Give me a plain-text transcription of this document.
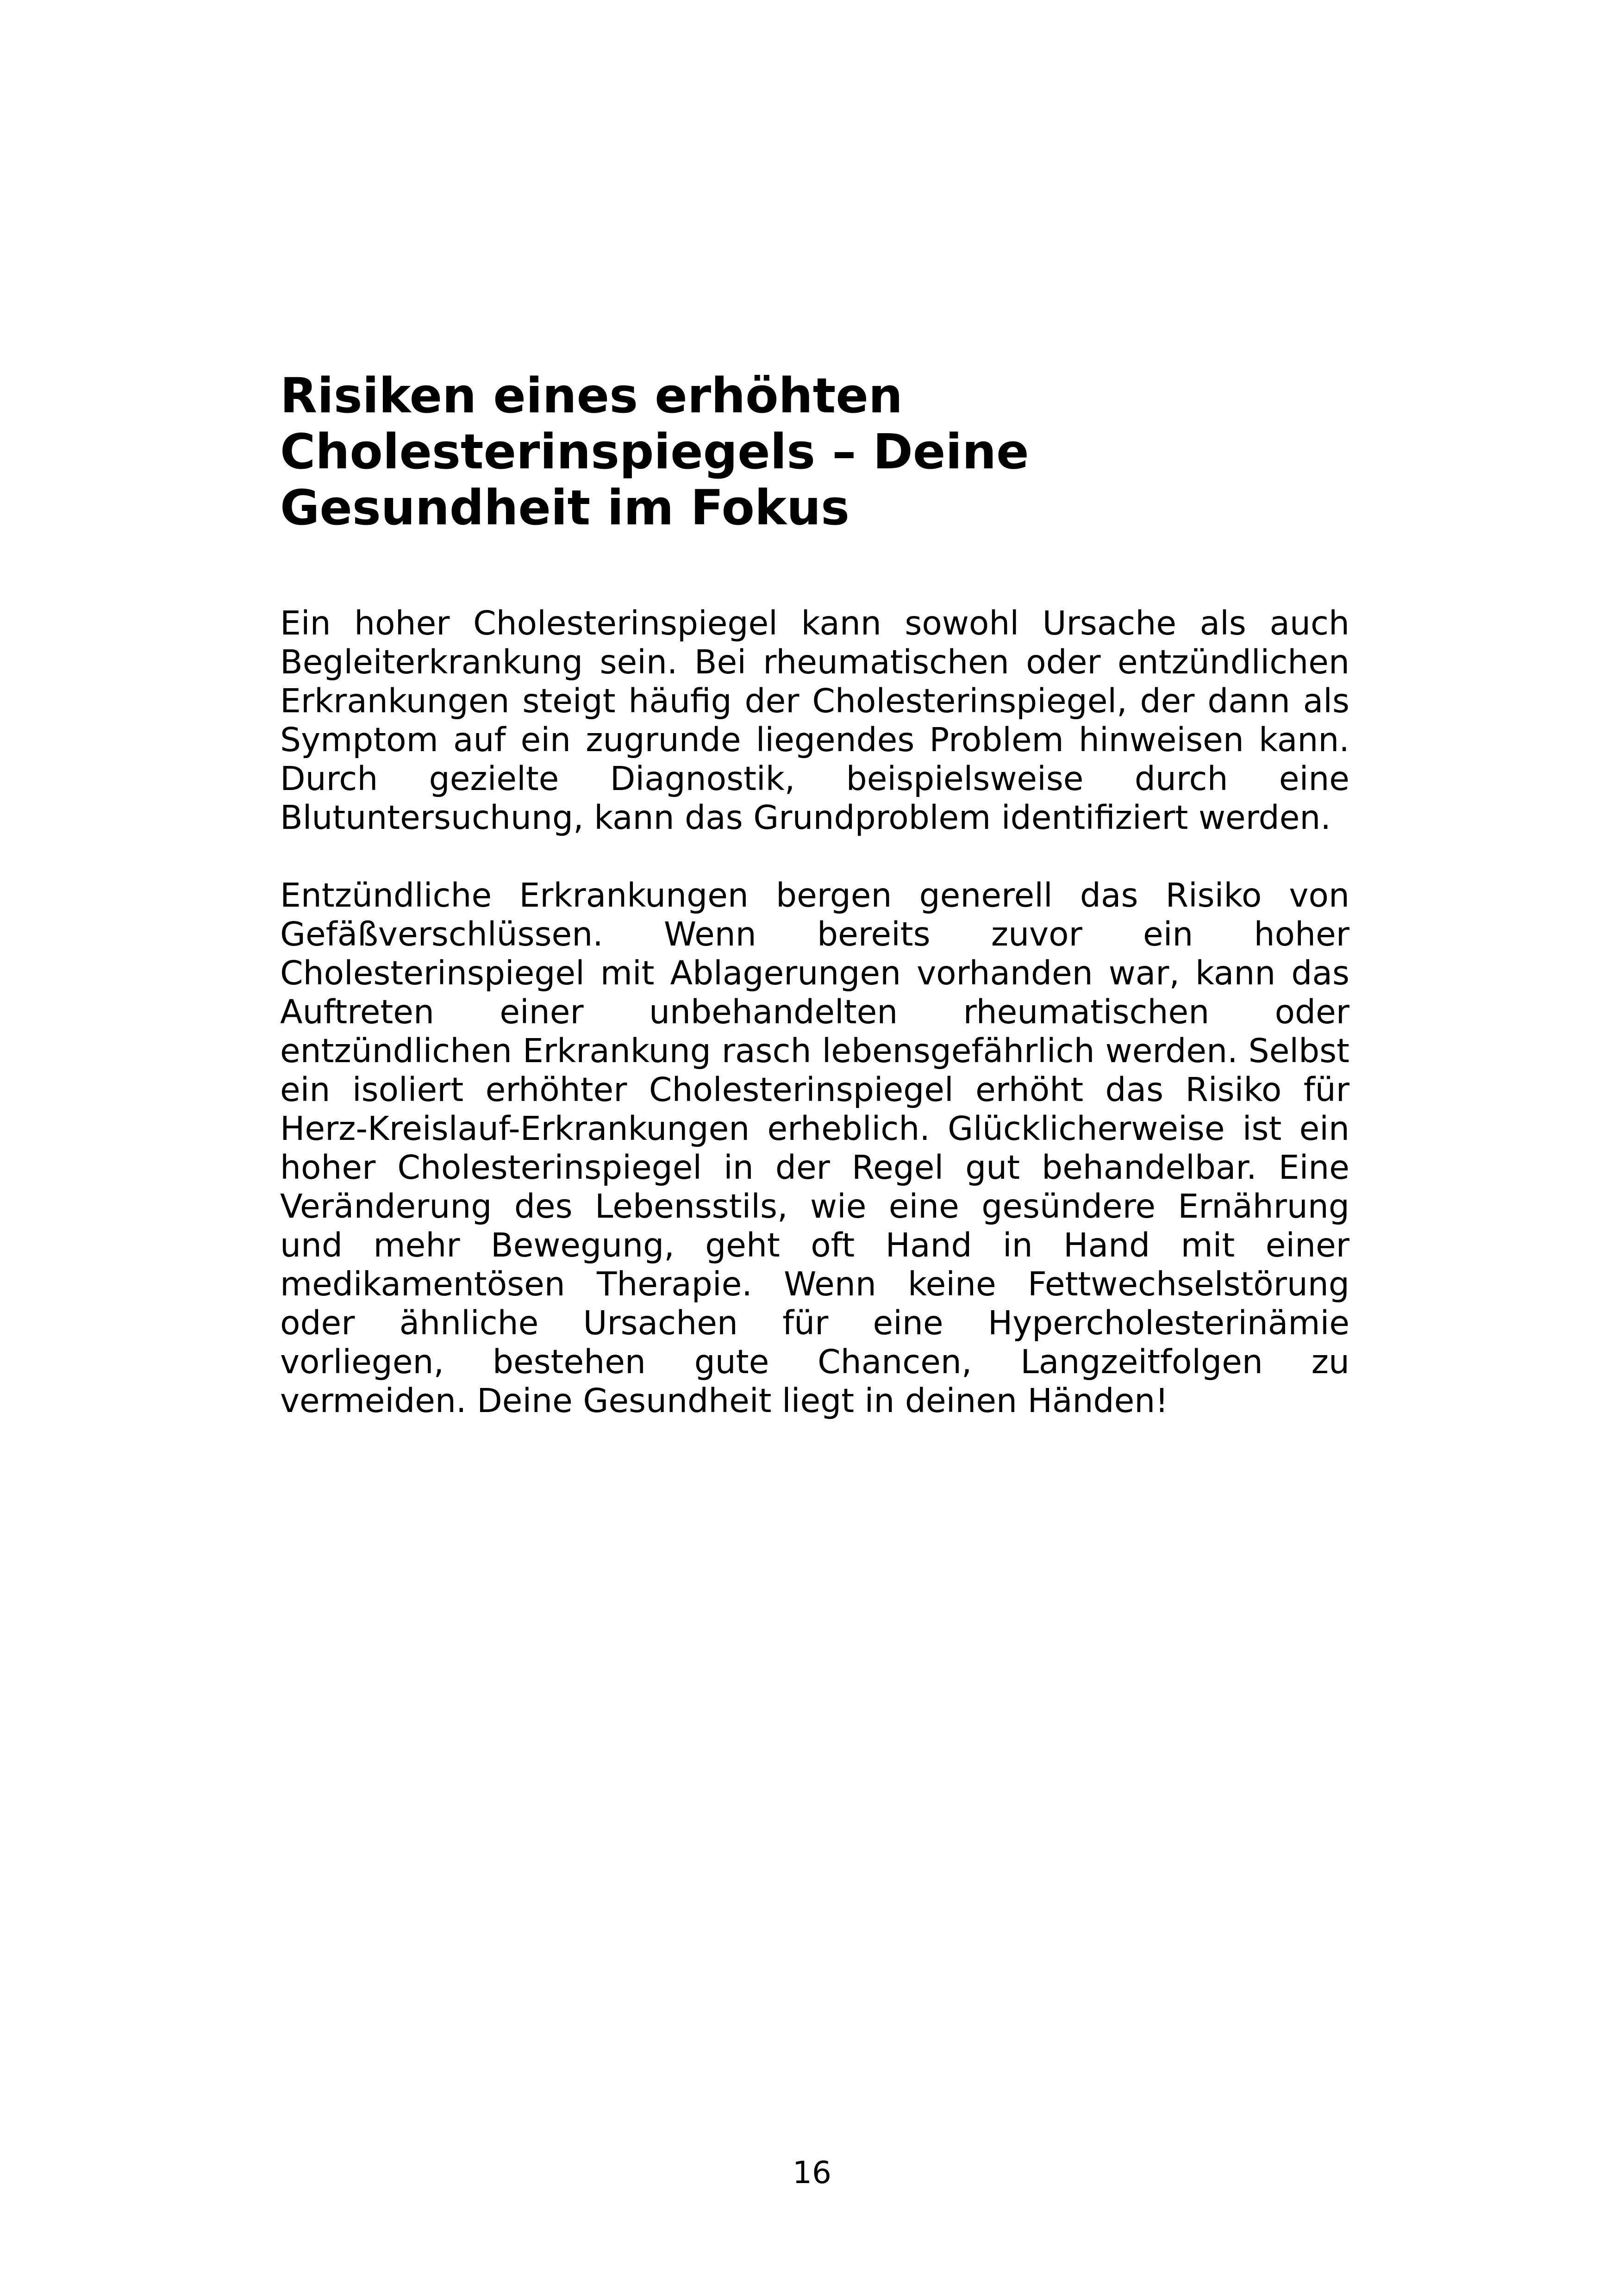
Risiken eines erhöhten Cholesterinspiegels – Deine Gesundheit im Fokus

Ein hoher Cholesterinspiegel kann sowohl Ursache als auch Begleiterkrankung sein. Bei rheumatischen oder entzündlichen Erkrankungen steigt häufig der Cholesterinspiegel, der dann als Symptom auf ein zugrunde liegendes Problem hinweisen kann. Durch gezielte Diagnostik, beispielsweise durch eine Blutuntersuchung, kann das Grundproblem identifiziert werden.

Entzündliche Erkrankungen bergen generell das Risiko von Gefäßverschlüssen. Wenn bereits zuvor ein hoher Cholesterinspiegel mit Ablagerungen vorhanden war, kann das Auftreten einer unbehandelten rheumatischen oder entzündlichen Erkrankung rasch lebensgefährlich werden. Selbst ein isoliert erhöhter Cholesterinspiegel erhöht das Risiko für Herz-Kreislauf-Erkrankungen erheblich. Glücklicherweise ist ein hoher Cholesterinspiegel in der Regel gut behandelbar. Eine Veränderung des Lebensstils, wie eine gesündere Ernährung und mehr Bewegung, geht oft Hand in Hand mit einer medikamentösen Therapie. Wenn keine Fettwechselstörung oder ähnliche Ursachen für eine Hypercholesterinämie vorliegen, bestehen gute Chancen, Langzeitfolgen zu vermeiden. Deine Gesundheit liegt in deinen Händen!

16
